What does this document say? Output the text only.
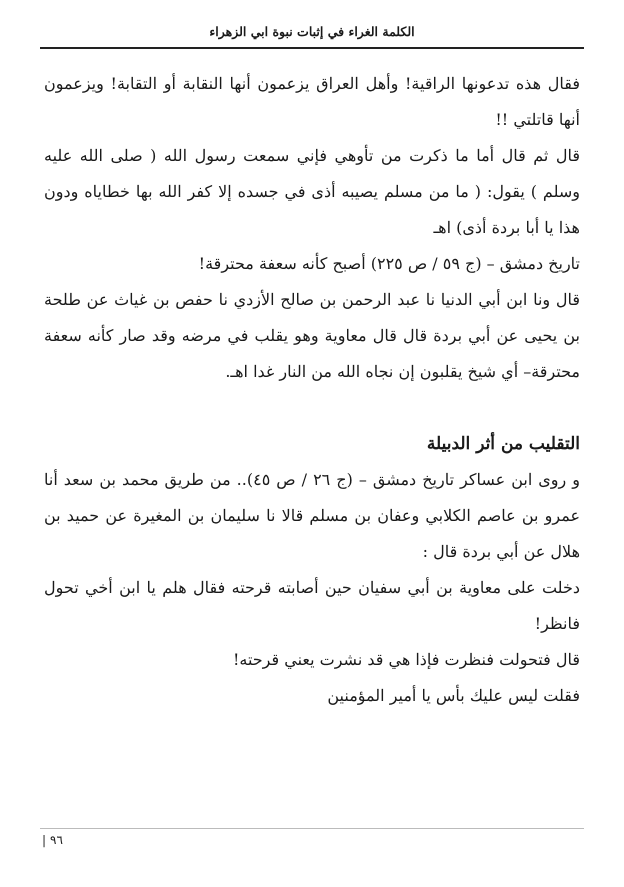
الكلمة الغراء في إثبات نبوة ابي الزهراء

فقال هذه تدعونها الراقية! وأهل العراق يزعمون أنها النقابة أو التقابة! ويزعمون أنها قاتلتي !!

قال ثم قال أما ما ذكرت من تأوهي فإني سمعت رسول الله ( صلى الله عليه وسلم ) يقول: ( ما من مسلم يصيبه أذى في جسده إلا كفر الله بها خطاياه ودون هذا يا أبا بردة أذى) اهـ

تاريخ دمشق – (ج ٥٩ / ص ٢٢٥) أصبح كأنه سعفة محترقة!

قال ونا ابن أبي الدنيا نا عبد الرحمن بن صالح الأزدي نا حفص بن غياث عن طلحة بن يحيى عن أبي بردة قال قال معاوية وهو يقلب في مرضه وقد صار كأنه سعفة محترقة– أي شيخ يقلبون إن نجاه الله من النار غدا اهـ.

التقليب من أثر الدبيلة

و روى ابن عساكر تاريخ دمشق – (ج ٢٦ / ص ٤٥).. من طريق محمد بن سعد أنا عمرو بن عاصم الكلابي وعفان بن مسلم قالا نا سليمان بن المغيرة عن حميد بن هلال عن أبي بردة قال :

دخلت على معاوية بن أبي سفيان حين أصابته قرحته فقال هلم يا ابن أخي تحول فانظر!

قال فتحولت فنظرت فإذا هي قد نشرت يعني قرحته!

فقلت ليس عليك بأس يا أمير المؤمنين

٩٦|
